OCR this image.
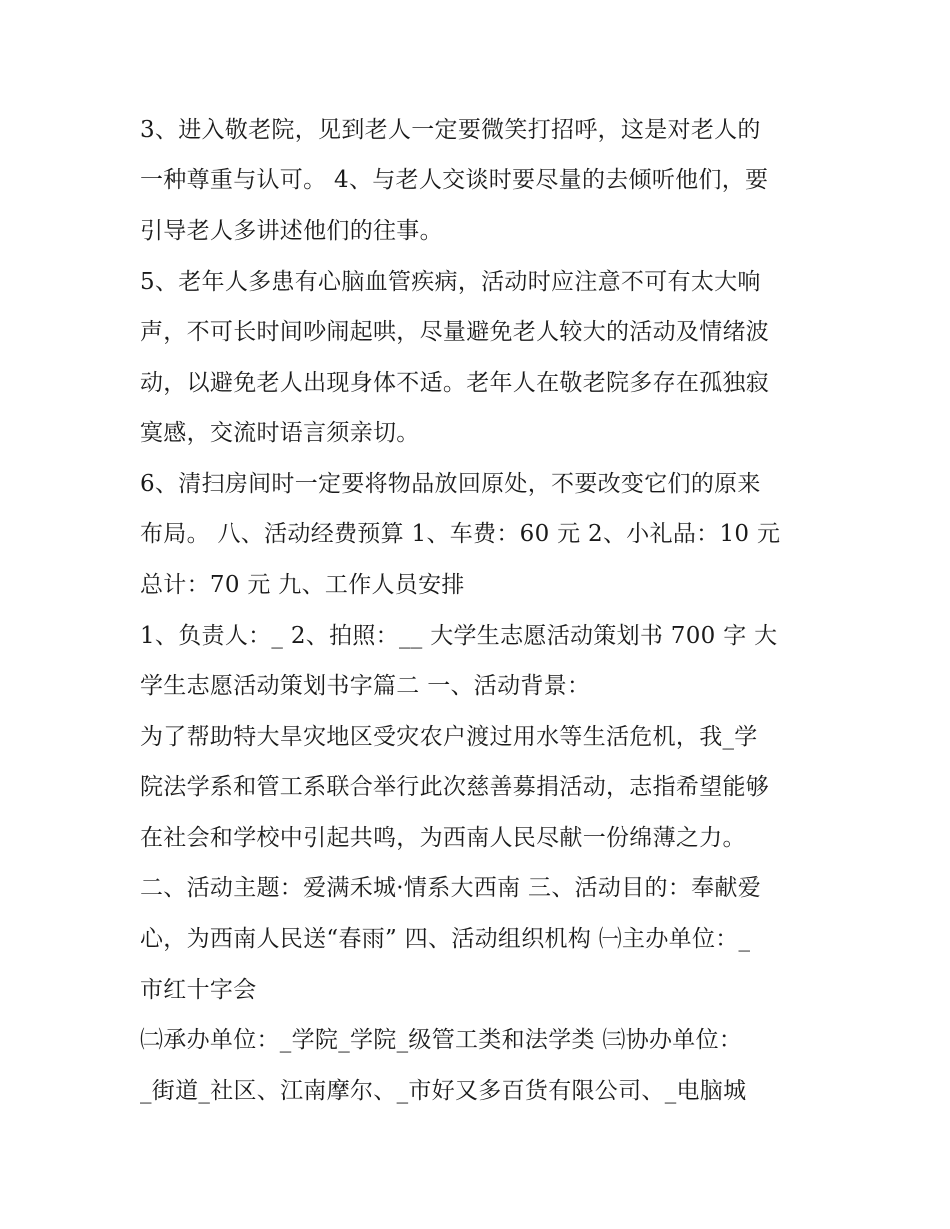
3、进入敬老院，见到老人一定要微笑打招呼，这是对老人的
一种尊重与认可。 4、与老人交谈时要尽量的去倾听他们，要
引导老人多讲述他们的往事。
5、老年人多患有心脑血管疾病，活动时应注意不可有太大响
声，不可长时间吵闹起哄，尽量避免老人较大的活动及情绪波
动，以避免老人出现身体不适。老年人在敬老院多存在孤独寂
寞感，交流时语言须亲切。
6、清扫房间时一定要将物品放回原处，不要改变它们的原来
布局。 八、活动经费预算 1、车费：60 元 2、小礼品：10 元
总计：70 元 九、工作人员安排
1、负责人：_ 2、拍照：__ 大学生志愿活动策划书 700 字 大
学生志愿活动策划书字篇二 一、活动背景：
为了帮助特大旱灾地区受灾农户渡过用水等生活危机，我_学
院法学系和管工系联合举行此次慈善募捐活动，志指希望能够
在社会和学校中引起共鸣，为西南人民尽献一份绵薄之力。
二、活动主题：爱满禾城·情系大西南 三、活动目的：奉献爱
心，为西南人民送“春雨” 四、活动组织机构 ㈠主办单位：_
市红十字会
㈡承办单位：_学院_学院_级管工类和法学类 ㈢协办单位：
_街道_社区、江南摩尔、_市好又多百货有限公司、_电脑城
